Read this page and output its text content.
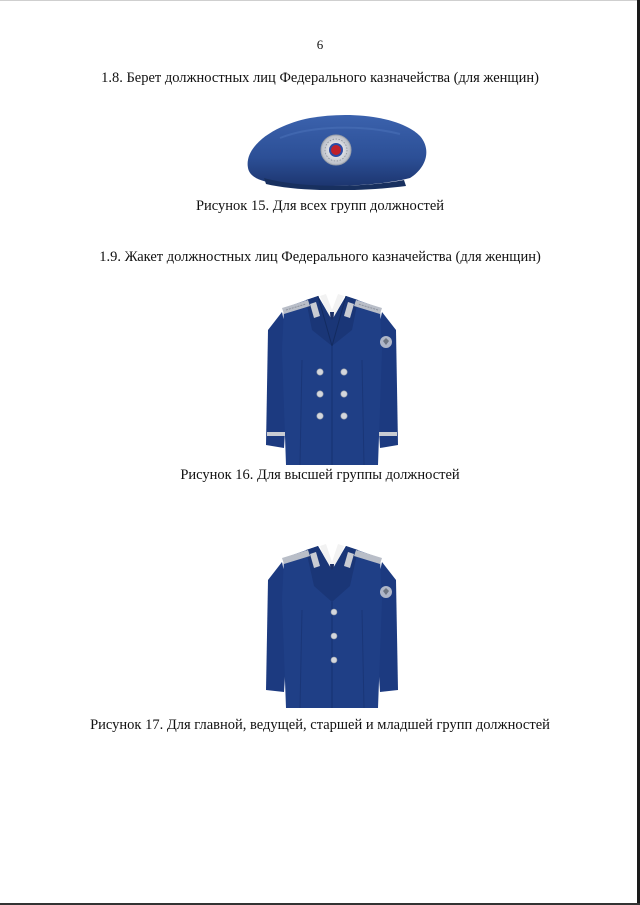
6
1.8. Берет должностных лиц Федерального казначейства (для женщин)
Рисунок 15. Для всех групп должностей
1.9. Жакет должностных лиц Федерального казначейства (для женщин)
Рисунок 16. Для высшей группы должностей
Рисунок 17. Для главной, ведущей, старшей и младшей групп должностей
